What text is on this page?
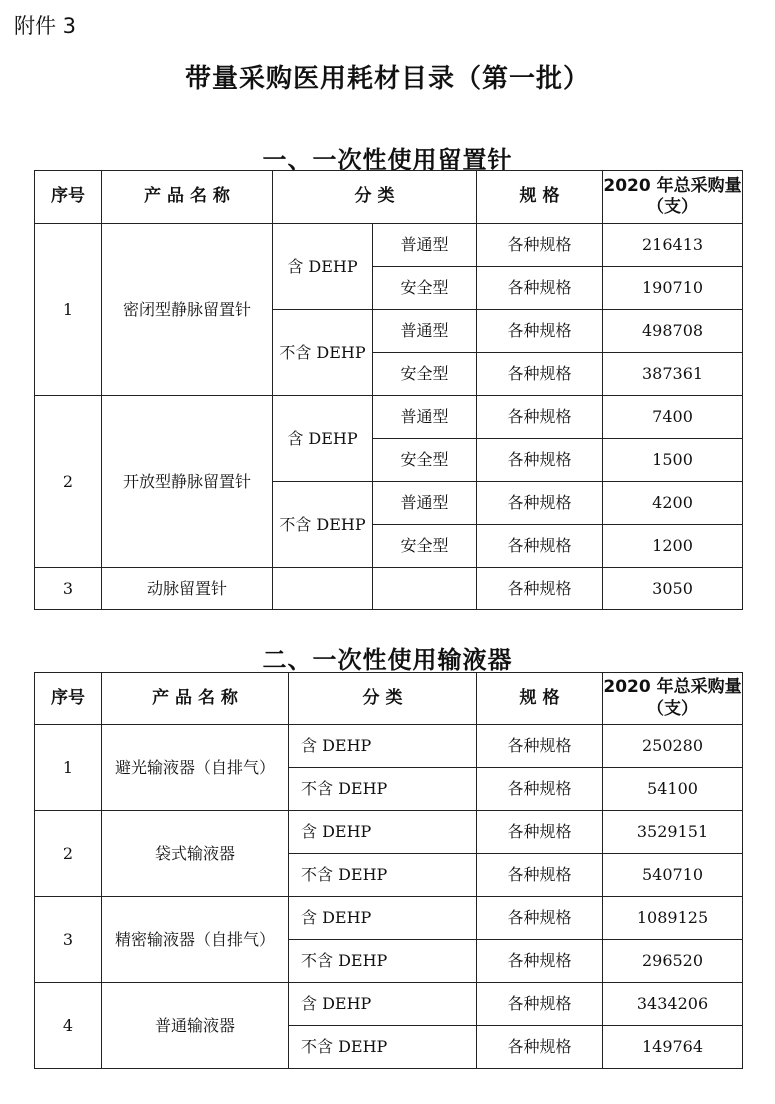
附件 3
带量采购医用耗材目录（第一批）
一、一次性使用留置针
序号	产 品 名 称	分 类		规 格	2020 年总采购量（支）
1	密闭型静脉留置针	含 DEHP	普通型	各种规格	216413
			安全型	各种规格	190710
		不含 DEHP	普通型	各种规格	498708
			安全型	各种规格	387361
2	开放型静脉留置针	含 DEHP	普通型	各种规格	7400
			安全型	各种规格	1500
		不含 DEHP	普通型	各种规格	4200
			安全型	各种规格	1200
3	动脉留置针			各种规格	3050
二、一次性使用输液器
序号	产 品 名 称	分 类	规 格	2020 年总采购量（支）
1	避光输液器（自排气）	含 DEHP	各种规格	250280
		不含 DEHP	各种规格	54100
2	袋式输液器	含 DEHP	各种规格	3529151
		不含 DEHP	各种规格	540710
3	精密输液器（自排气）	含 DEHP	各种规格	1089125
		不含 DEHP	各种规格	296520
4	普通输液器	含 DEHP	各种规格	3434206
		不含 DEHP	各种规格	149764
